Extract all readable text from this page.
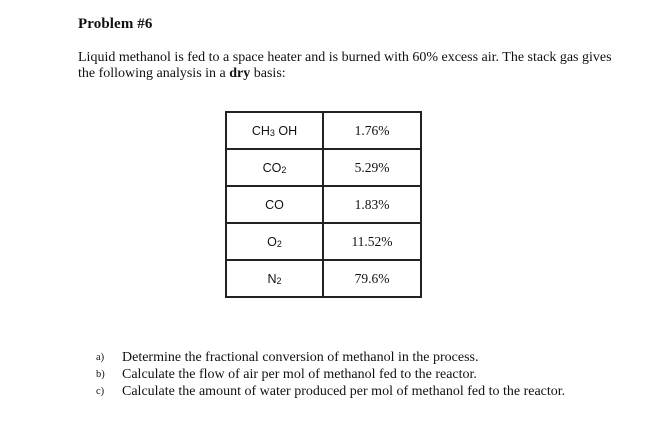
Problem #6
Liquid methanol is fed to a space heater and is burned with 60% excess air. The stack gas gives the following analysis in a dry basis:
$CH_3$ OH	1.76%
$CO_2$	5.29%
CO	1.83%
$O_2$	11.52%
$N_2$	79.6%
a)	Determine the fractional conversion of methanol in the process.
b)	Calculate the flow of air per mol of methanol fed to the reactor.
c)	Calculate the amount of water produced per mol of methanol fed to the reactor.
